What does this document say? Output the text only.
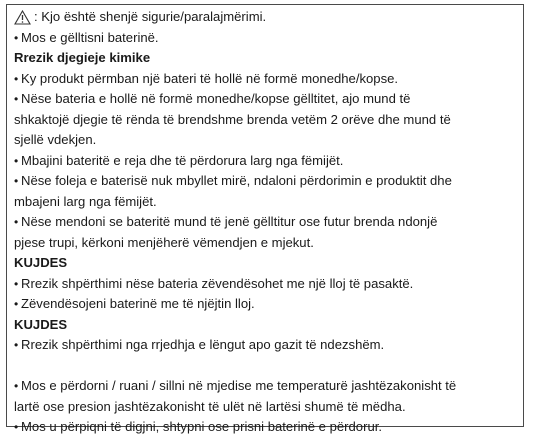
: Kjo është shenjë sigurie/paralajmërimi.
• Mos e gëlltisni baterinë.
Rrezik djegieje kimike
• Ky produkt përmban një bateri të hollë në formë monedhe/kopse.
• Nëse bateria e hollë në formë monedhe/kopse gëlltitet, ajo mund të
shkaktojë djegie të rënda të brendshme brenda vetëm 2 orëve dhe mund të
sjellë vdekjen.
• Mbajini bateritë e reja dhe të përdorura larg nga fëmijët.
• Nëse foleja e baterisë nuk mbyllet mirë, ndaloni përdorimin e produktit dhe
mbajeni larg nga fëmijët.
• Nëse mendoni se bateritë mund të jenë gëlltitur ose futur brenda ndonjë
pjese trupi, kërkoni menjëherë vëmendjen e mjekut.
KUJDES
• Rrezik shpërthimi nëse bateria zëvendësohet me një lloj të pasaktë.
• Zëvendësojeni baterinë me të njëjtin lloj.
KUJDES
• Rrezik shpërthimi nga rrjedhja e lëngut apo gazit të ndezshëm.
• Mos e përdorni / ruani / sillni në mjedise me temperaturë jashtëzakonisht të
lartë ose presion jashtëzakonisht të ulët në lartësi shumë të mëdha.
• Mos u përpiqni të digjni, shtypni ose prisni baterinë e përdorur.
